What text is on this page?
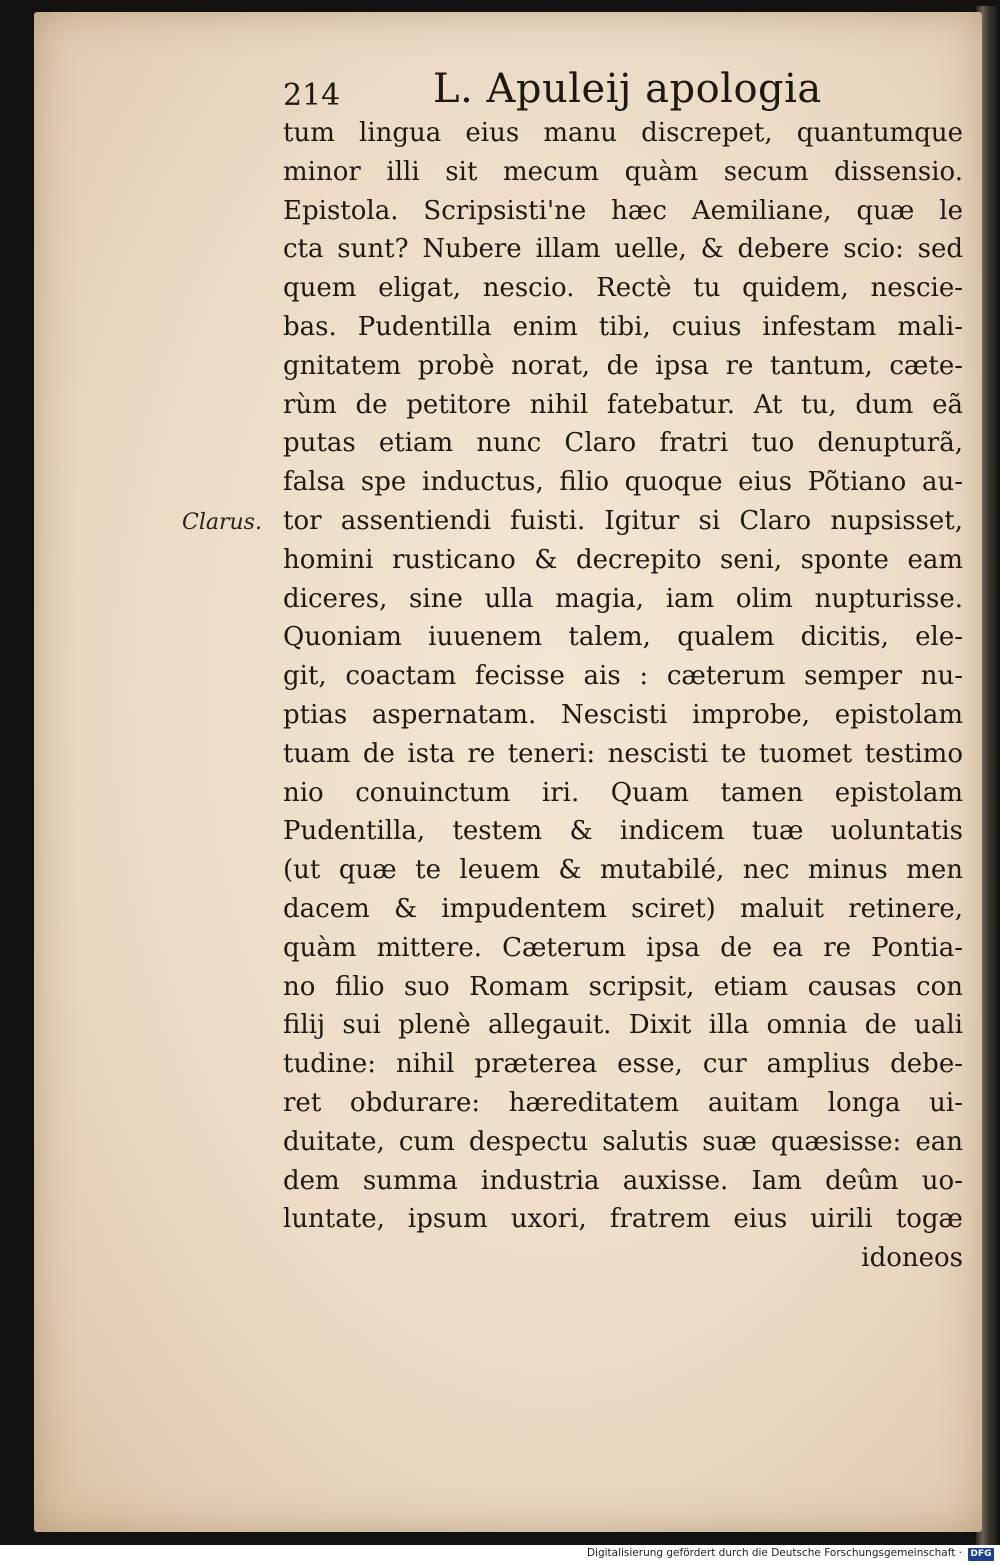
214 L. Apuleij apologia
Clarus.
tum lingua eius manu discrepet, quantumque
minor illi sit mecum quàm secum dissensio.
Epistola. Scripsisti'ne hæc Aemiliane, quæ le
cta sunt? Nubere illam uelle, & debere scio: sed
quem eligat, nescio. Rectè tu quidem, nescie-
bas. Pudentilla enim tibi, cuius infestam mali-
gnitatem probè norat, de ipsa re tantum, cæte-
rùm de petitore nihil fatebatur. At tu, dum eã
putas etiam nunc Claro fratri tuo denupturã,
falsa spe inductus, filio quoque eius Põtiano au-
tor assentiendi fuisti. Igitur si Claro nupsisset,
homini rusticano & decrepito seni, sponte eam
diceres, sine ulla magia, iam olim nupturisse.
Quoniam iuuenem talem, qualem dicitis, ele-
git, coactam fecisse ais : cæterum semper nu-
ptias aspernatam. Nescisti improbe, epistolam
tuam de ista re teneri: nescisti te tuomet testimo
nio conuinctum iri. Quam tamen epistolam
Pudentilla, testem & indicem tuæ uoluntatis
(ut quæ te leuem & mutabilé, nec minus men
dacem & impudentem sciret) maluit retinere,
quàm mittere. Cæterum ipsa de ea re Pontia-
no filio suo Romam scripsit, etiam causas con
filij sui plenè allegauit. Dixit illa omnia de uali
tudine: nihil præterea esse, cur amplius debe-
ret obdurare: hæreditatem auitam longa ui-
duitate, cum despectu salutis suæ quæsisse: ean
dem summa industria auxisse. Iam deûm uo-
luntate, ipsum uxori, fratrem eius uirili togæ
idoneos
Digitalisierung gefördert durch die Deutsche Forschungsgemeinschaft · DFG
